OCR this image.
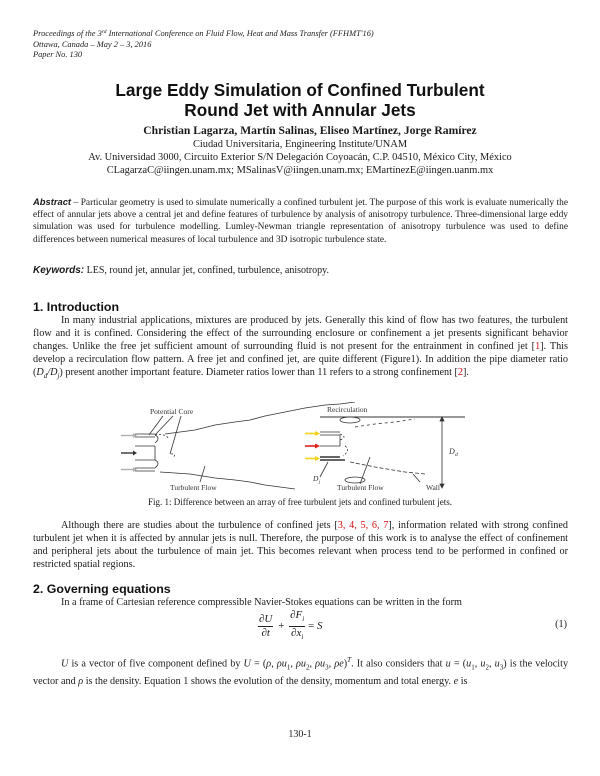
Proceedings of the 3rd International Conference on Fluid Flow, Heat and Mass Transfer (FFHMT'16)
Ottawa, Canada – May 2 – 3, 2016
Paper No. 130
Large Eddy Simulation of Confined Turbulent
Round Jet with Annular Jets
Christian Lagarza, Martín Salinas, Eliseo Martínez, Jorge Ramírez
Ciudad Universitaria, Engineering Institute/UNAM
Av. Universidad 3000, Circuito Exterior S/N Delegación Coyoacán, C.P. 04510, México City, México
CLagarzaC@iingen.unam.mx; MSalinasV@iingen.unam.mx; EMartínezE@iingen.uanm.mx
Abstract – Particular geometry is used to simulate numerically a confined turbulent jet. The purpose of this work is evaluate numerically the effect of annular jets above a central jet and define features of turbulence by analysis of anisotropy turbulence. Three-dimensional large eddy simulation was used for turbulence modelling. Lumley-Newman triangle representation of anisotropy turbulence was used to define differences between numerical measures of local turbulence and 3D isotropic turbulence state.
Keywords: LES, round jet, annular jet, confined, turbulence, anisotropy.
1. Introduction
In many industrial applications, mixtures are produced by jets. Generally this kind of flow has two features, the turbulent flow and it is confined. Considering the effect of the surrounding enclosure or confinement a jet presents significant behavior changes. Unlike the free jet sufficient amount of surrounding fluid is not present for the entrainment in confined jet [1]. This develop a recirculation flow pattern. A free jet and confined jet, are quite different (Figure1). In addition the pipe diameter ratio $(D_d/D_j)$ present another important feature. Diameter ratios lower than 11 refers to a strong confinement [2].
Potential Core
Turbulent Flow
Recirculation
D d
D j
Turbulent Flow	Wall
Fig. 1: Difference between an array of free turbulent jets and confined turbulent jets.
Although there are studies about the turbulence of confined jets [3, 4, 5, 6, 7], information related with strong confined turbulent jet when it is affected by annular jets is null. Therefore, the purpose of this work is to analyse the effect of confinement and peripheral jets about the turbulence of main jet. This becomes relevant when process tend to be performed in confined or restricted spatial regions.
2. Governing equations
In a frame of Cartesian reference compressible Navier-Stokes equations can be written in the form
$\frac{\partial U}{\partial t} + \frac{\partial F_i}{\partial x_i} = S$	(1)
U is a vector of five component defined by U = (ρ, $\rho u_1$, $\rho u_2$, $\rho u_3$, ρe)$^T$. It also considers that $u = (u_1$, $u_2$, $u_3$) is the velocity vector and ρ is the density. Equation 1 shows the evolution of the density, momentum and total energy. e is
130-1
